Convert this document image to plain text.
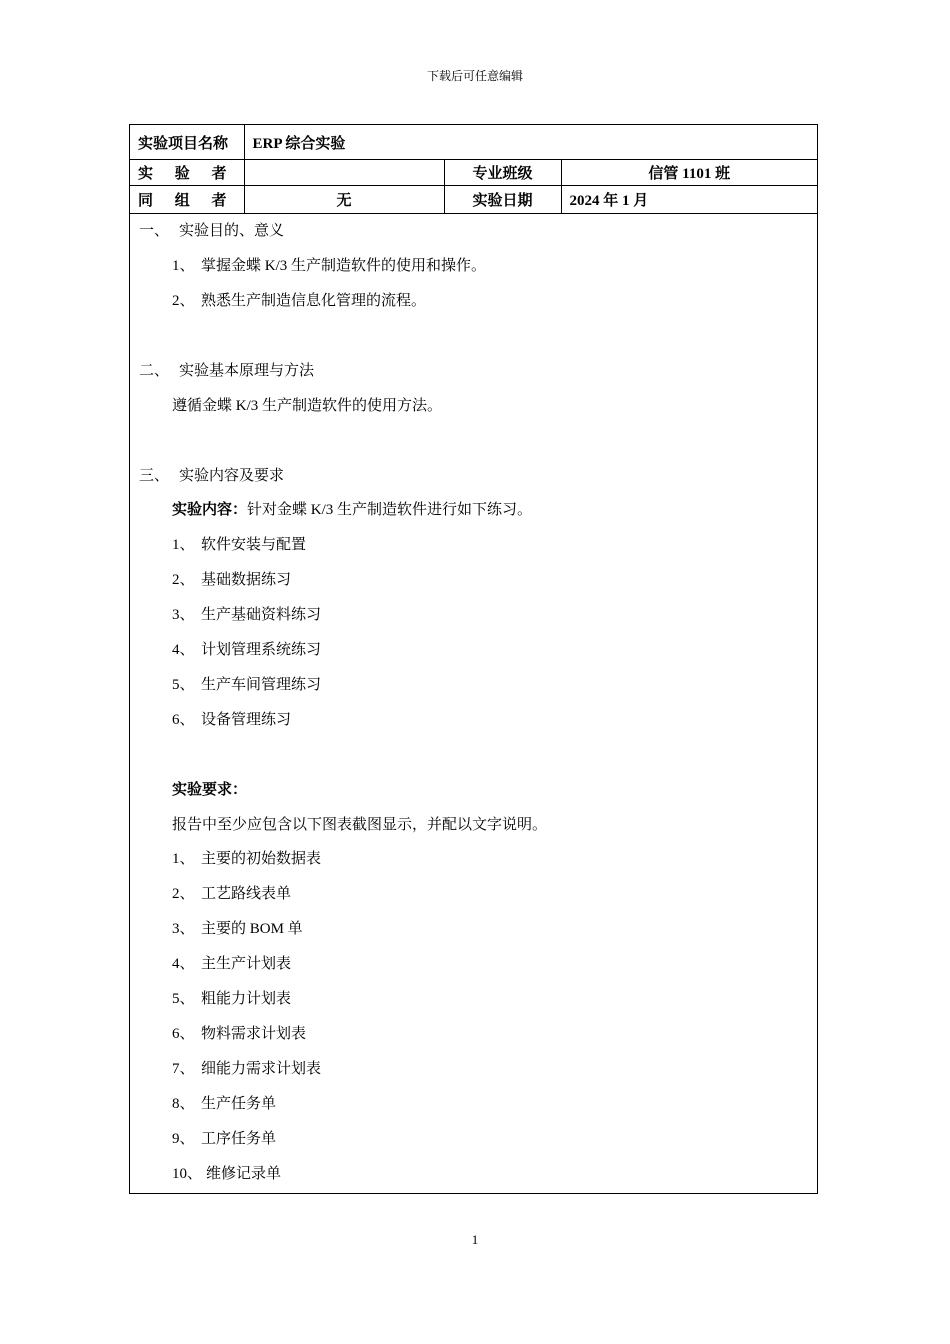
下载后可任意编辑
实验项目名称	ERP 综合实验		
实 验 者		专业班级	信管 1101 班
同 组 者	无	实验日期	2024 年 1 月
一、 实验目的、意义
1、 掌握金蝶 K/3 生产制造软件的使用和操作。
2、 熟悉生产制造信息化管理的流程。
二、 实验基本原理与方法
遵循金蝶 K/3 生产制造软件的使用方法。
三、 实验内容及要求
实验内容：针对金蝶 K/3 生产制造软件进行如下练习。
1、 软件安装与配置
2、 基础数据练习
3、 生产基础资料练习
4、 计划管理系统练习
5、 生产车间管理练习
6、 设备管理练习
实验要求：
报告中至少应包含以下图表截图显示，并配以文字说明。
1、 主要的初始数据表
2、 工艺路线表单
3、 主要的 BOM 单
4、 主生产计划表
5、 粗能力计划表
6、 物料需求计划表
7、 细能力需求计划表
8、 生产任务单
9、 工序任务单
10、 维修记录单
1
